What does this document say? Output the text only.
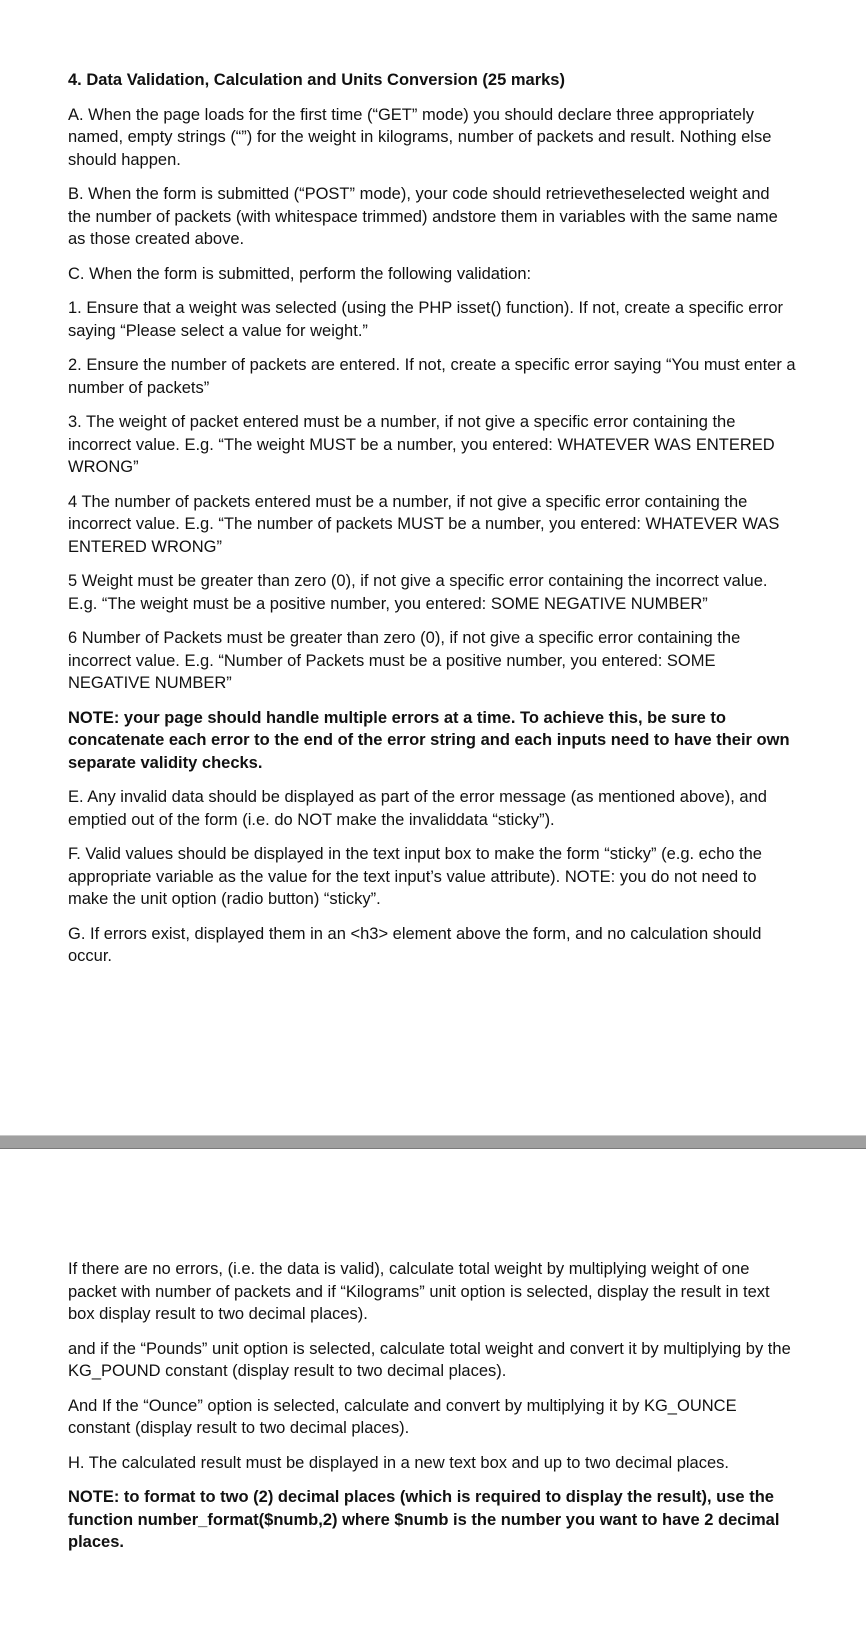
4. Data Validation, Calculation and Units Conversion (25 marks)

A. When the page loads for the first time (“GET” mode) you should declare three appropriately named, empty strings (“”) for the weight in kilograms, number of packets and result. Nothing else should happen.

B. When the form is submitted (“POST” mode), your code should retrievetheselected weight and the number of packets (with whitespace trimmed) andstore them in variables with the same name as those created above.

C. When the form is submitted, perform the following validation:

1. Ensure that a weight was selected (using the PHP isset() function). If not, create a specific error saying “Please select a value for weight.”

2. Ensure the number of packets are entered. If not, create a specific error saying “You must enter a number of packets”

3. The weight of packet entered must be a number, if not give a specific error containing the incorrect value. E.g. “The weight MUST be a number, you entered: WHATEVER WAS ENTERED WRONG”

4 The number of packets entered must be a number, if not give a specific error containing the incorrect value. E.g. “The number of packets MUST be a number, you entered: WHATEVER WAS ENTERED WRONG”

5 Weight must be greater than zero (0), if not give a specific error containing the incorrect value. E.g. “The weight must be a positive number, you entered: SOME NEGATIVE NUMBER”

6 Number of Packets must be greater than zero (0), if not give a specific error containing the incorrect value. E.g. “Number of Packets must be a positive number, you entered: SOME NEGATIVE NUMBER”

NOTE: your page should handle multiple errors at a time. To achieve this, be sure to concatenate each error to the end of the error string and each inputs need to have their own separate validity checks.

E. Any invalid data should be displayed as part of the error message (as mentioned above), and emptied out of the form (i.e. do NOT make the invaliddata “sticky”).

F. Valid values should be displayed in the text input box to make the form “sticky” (e.g. echo the appropriate variable as the value for the text input’s value attribute). NOTE: you do not need to make the unit option (radio button) “sticky”.

G. If errors exist, displayed them in an <h3> element above the form, and no calculation should occur.

If there are no errors, (i.e. the data is valid), calculate total weight by multiplying weight of one packet with number of packets and if “Kilograms” unit option is selected, display the result in text box display result to two decimal places).

and if the “Pounds” unit option is selected, calculate total weight and convert it by multiplying by the KG_POUND constant (display result to two decimal places).

And If the “Ounce” option is selected, calculate and convert by multiplying it by KG_OUNCE constant (display result to two decimal places).

H. The calculated result must be displayed in a new text box and up to two decimal places.

NOTE: to format to two (2) decimal places (which is required to display the result), use the function number_format($numb,2) where $numb is the number you want to have 2 decimal places.
